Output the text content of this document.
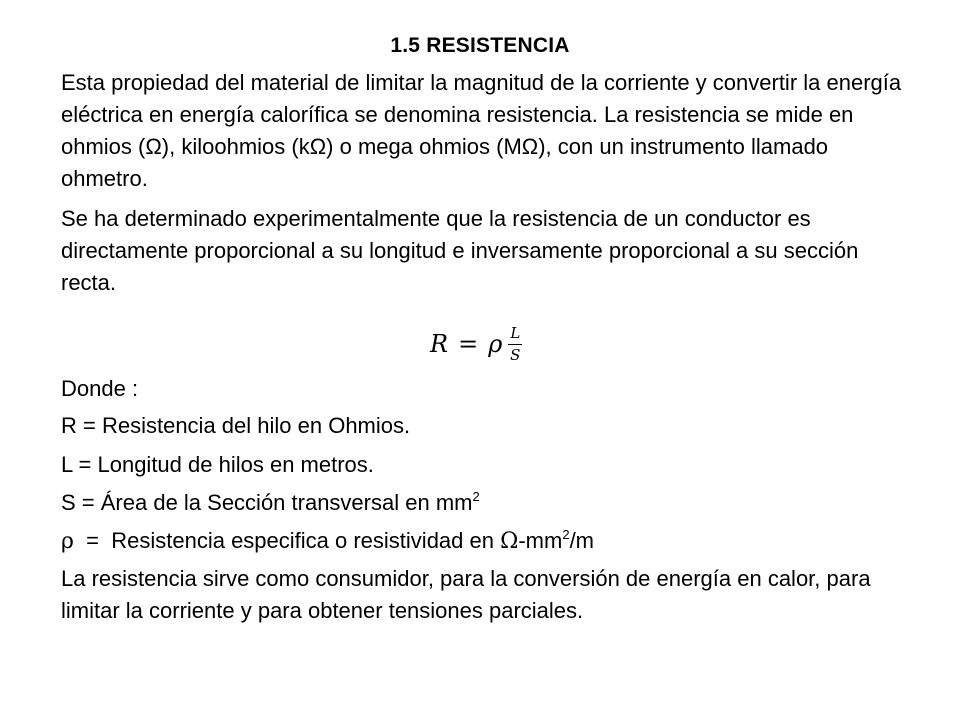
1.5 RESISTENCIA

Esta propiedad del material de limitar la magnitud de la corriente y convertir la energía eléctrica en energía calorífica se denomina resistencia. La resistencia se mide en ohmios (Ω), kiloohmios (kΩ) o mega ohmios (MΩ), con un instrumento llamado ohmetro.

Se ha determinado experimentalmente que la resistencia de un conductor es directamente proporcional a su longitud e inversamente proporcional a su sección recta.

R = ρ $\frac{L}{S}$
Donde :
R = Resistencia del hilo en Ohmios.
L = Longitud de hilos en metros.
S = Área de la Sección transversal en $mm^2$
ρ  =  Resistencia especifica o resistividad en $\Omega-mm^2/m$

La resistencia sirve como consumidor, para la conversión de energía en calor, para limitar la corriente y para obtener tensiones parciales.
